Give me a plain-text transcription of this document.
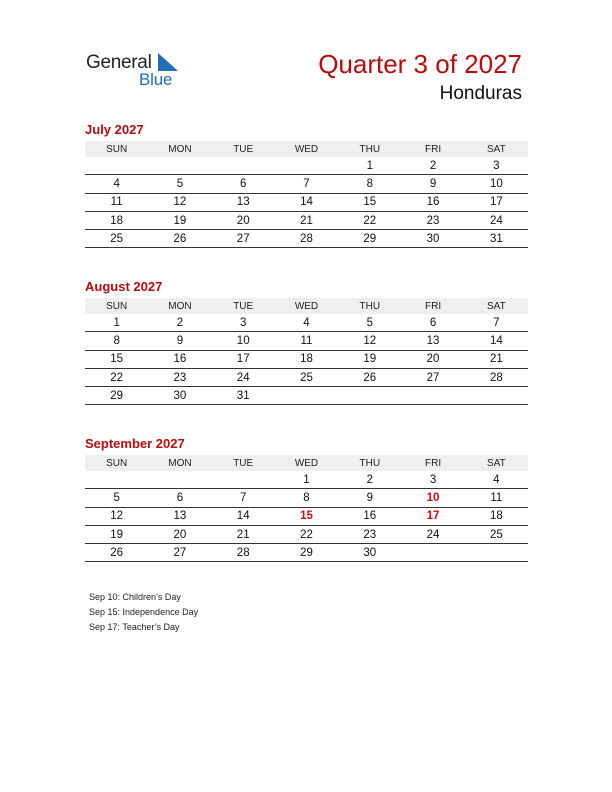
General
Blue
Quarter 3 of 2027
Honduras
July 2027
SUN	MON	TUE	WED	THU	FRI	SAT
				1	2	3
4	5	6	7	8	9	10
11	12	13	14	15	16	17
18	19	20	21	22	23	24
25	26	27	28	29	30	31
August 2027
SUN	MON	TUE	WED	THU	FRI	SAT
1	2	3	4	5	6	7
8	9	10	11	12	13	14
15	16	17	18	19	20	21
22	23	24	25	26	27	28
29	30	31				
September 2027
SUN	MON	TUE	WED	THU	FRI	SAT
			1	2	3	4
5	6	7	8	9	10	11
12	13	14	15	16	17	18
19	20	21	22	23	24	25
26	27	28	29	30		
Sep 10: Children’s Day
Sep 15: Independence Day
Sep 17: Teacher’s Day
